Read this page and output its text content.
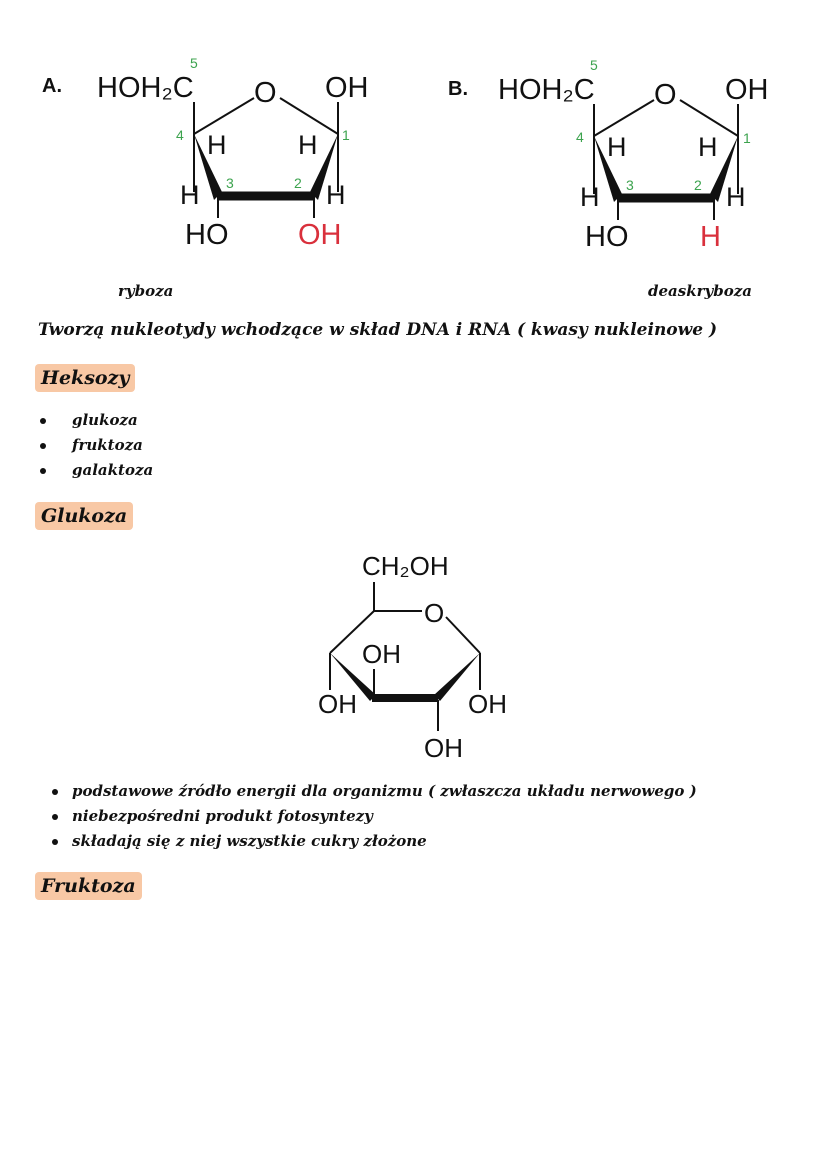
A. HOH₂C O OH
5
4
3	2
1
H	H
H	H
HO OH
B. HOH₂C O OH
5
4
3	2
1
H	H
H	H
HO H
ryboza	deaskryboza
Tworzą nukleotydy wchodzące w skład DNA i RNA ( kwasy nukleinowe )
Heksozy
glukoza
fruktoza
galaktoza
Glukoza
CH₂OH
O
OH
OH	OH
OH
podstawowe źródło energii dla organizmu ( zwłaszcza układu nerwowego )
niebezpośredni produkt fotosyntezy
składają się z niej wszystkie cukry złożone
Fruktoza
